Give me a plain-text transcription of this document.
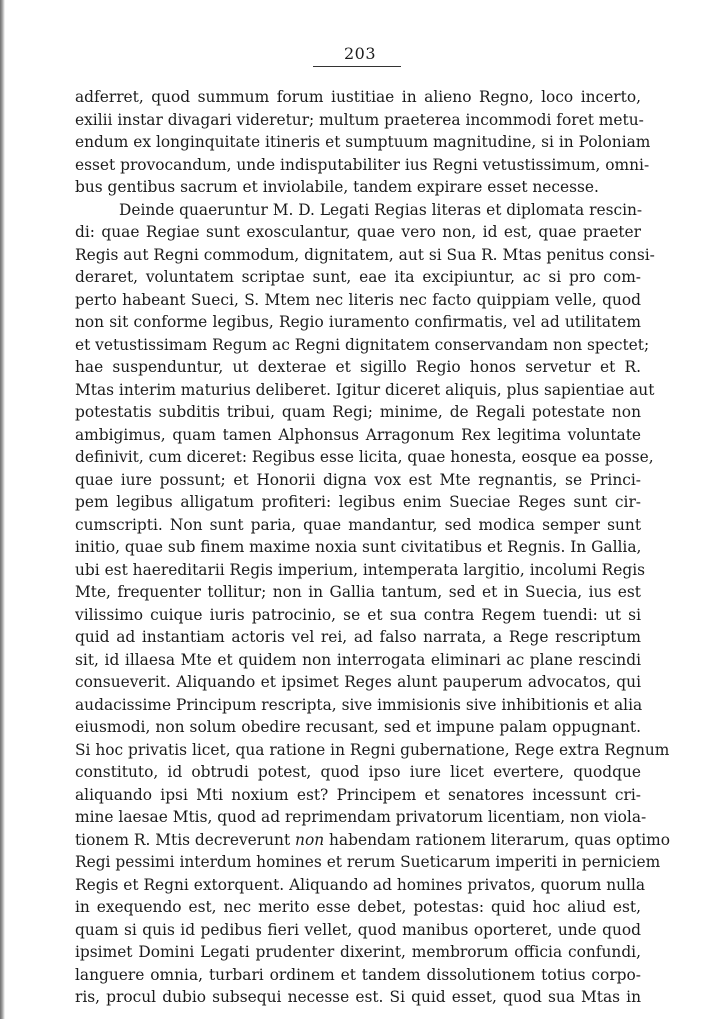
203
adferret, quod summum forum iustitiae in alieno Regno, loco incerto,
exilii instar divagari videretur; multum praeterea incommodi foret metu-
endum ex longinquitate itineris et sumptuum magnitudine, si in Poloniam
esset provocandum, unde indisputabiliter ius Regni vetustissimum, omni-
bus gentibus sacrum et inviolabile, tandem expirare esset necesse.
Deinde quaeruntur M. D. Legati Regias literas et diplomata rescin-
di: quae Regiae sunt exosculantur, quae vero non, id est, quae praeter
Regis aut Regni commodum, dignitatem, aut si Sua R. Mtas penitus consi-
deraret, voluntatem scriptae sunt, eae ita excipiuntur, ac si pro com-
perto habeant Sueci, S. Mtem nec literis nec facto quippiam velle, quod
non sit conforme legibus, Regio iuramento confirmatis, vel ad utilitatem
et vetustissimam Regum ac Regni dignitatem conservandam non spectet;
hae suspenduntur, ut dexterae et sigillo Regio honos servetur et R.
Mtas interim maturius deliberet. Igitur diceret aliquis, plus sapientiae aut
potestatis subditis tribui, quam Regi; minime, de Regali potestate non
ambigimus, quam tamen Alphonsus Arragonum Rex legitima voluntate
definivit, cum diceret: Regibus esse licita, quae honesta, eosque ea posse,
quae iure possunt; et Honorii digna vox est Mte regnantis, se Princi-
pem legibus alligatum profiteri: legibus enim Sueciae Reges sunt cir-
cumscripti. Non sunt paria, quae mandantur, sed modica semper sunt
initio, quae sub finem maxime noxia sunt civitatibus et Regnis. In Gallia,
ubi est haereditarii Regis imperium, intemperata largitio, incolumi Regis
Mte, frequenter tollitur; non in Gallia tantum, sed et in Suecia, ius est
vilissimo cuique iuris patrocinio, se et sua contra Regem tuendi: ut si
quid ad instantiam actoris vel rei, ad falso narrata, a Rege rescriptum
sit, id illaesa Mte et quidem non interrogata eliminari ac plane rescindi
consueverit. Aliquando et ipsimet Reges alunt pauperum advocatos, qui
audacissime Principum rescripta, sive immisionis sive inhibitionis et alia
eiusmodi, non solum obedire recusant, sed et impune palam oppugnant.
Si hoc privatis licet, qua ratione in Regni gubernatione, Rege extra Regnum
constituto, id obtrudi potest, quod ipso iure licet evertere, quodque
aliquando ipsi Mti noxium est? Principem et senatores incessunt cri-
mine laesae Mtis, quod ad reprimendam privatorum licentiam, non viola-
tionem R. Mtis decreverunt non habendam rationem literarum, quas optimo
Regi pessimi interdum homines et rerum Sueticarum imperiti in perniciem
Regis et Regni extorquent. Aliquando ad homines privatos, quorum nulla
in exequendo est, nec merito esse debet, potestas: quid hoc aliud est,
quam si quis id pedibus fieri vellet, quod manibus oporteret, unde quod
ipsimet Domini Legati prudenter dixerint, membrorum officia confundi,
languere omnia, turbari ordinem et tandem dissolutionem totius corpo-
ris, procul dubio subsequi necesse est. Si quid esset, quod sua Mtas in
